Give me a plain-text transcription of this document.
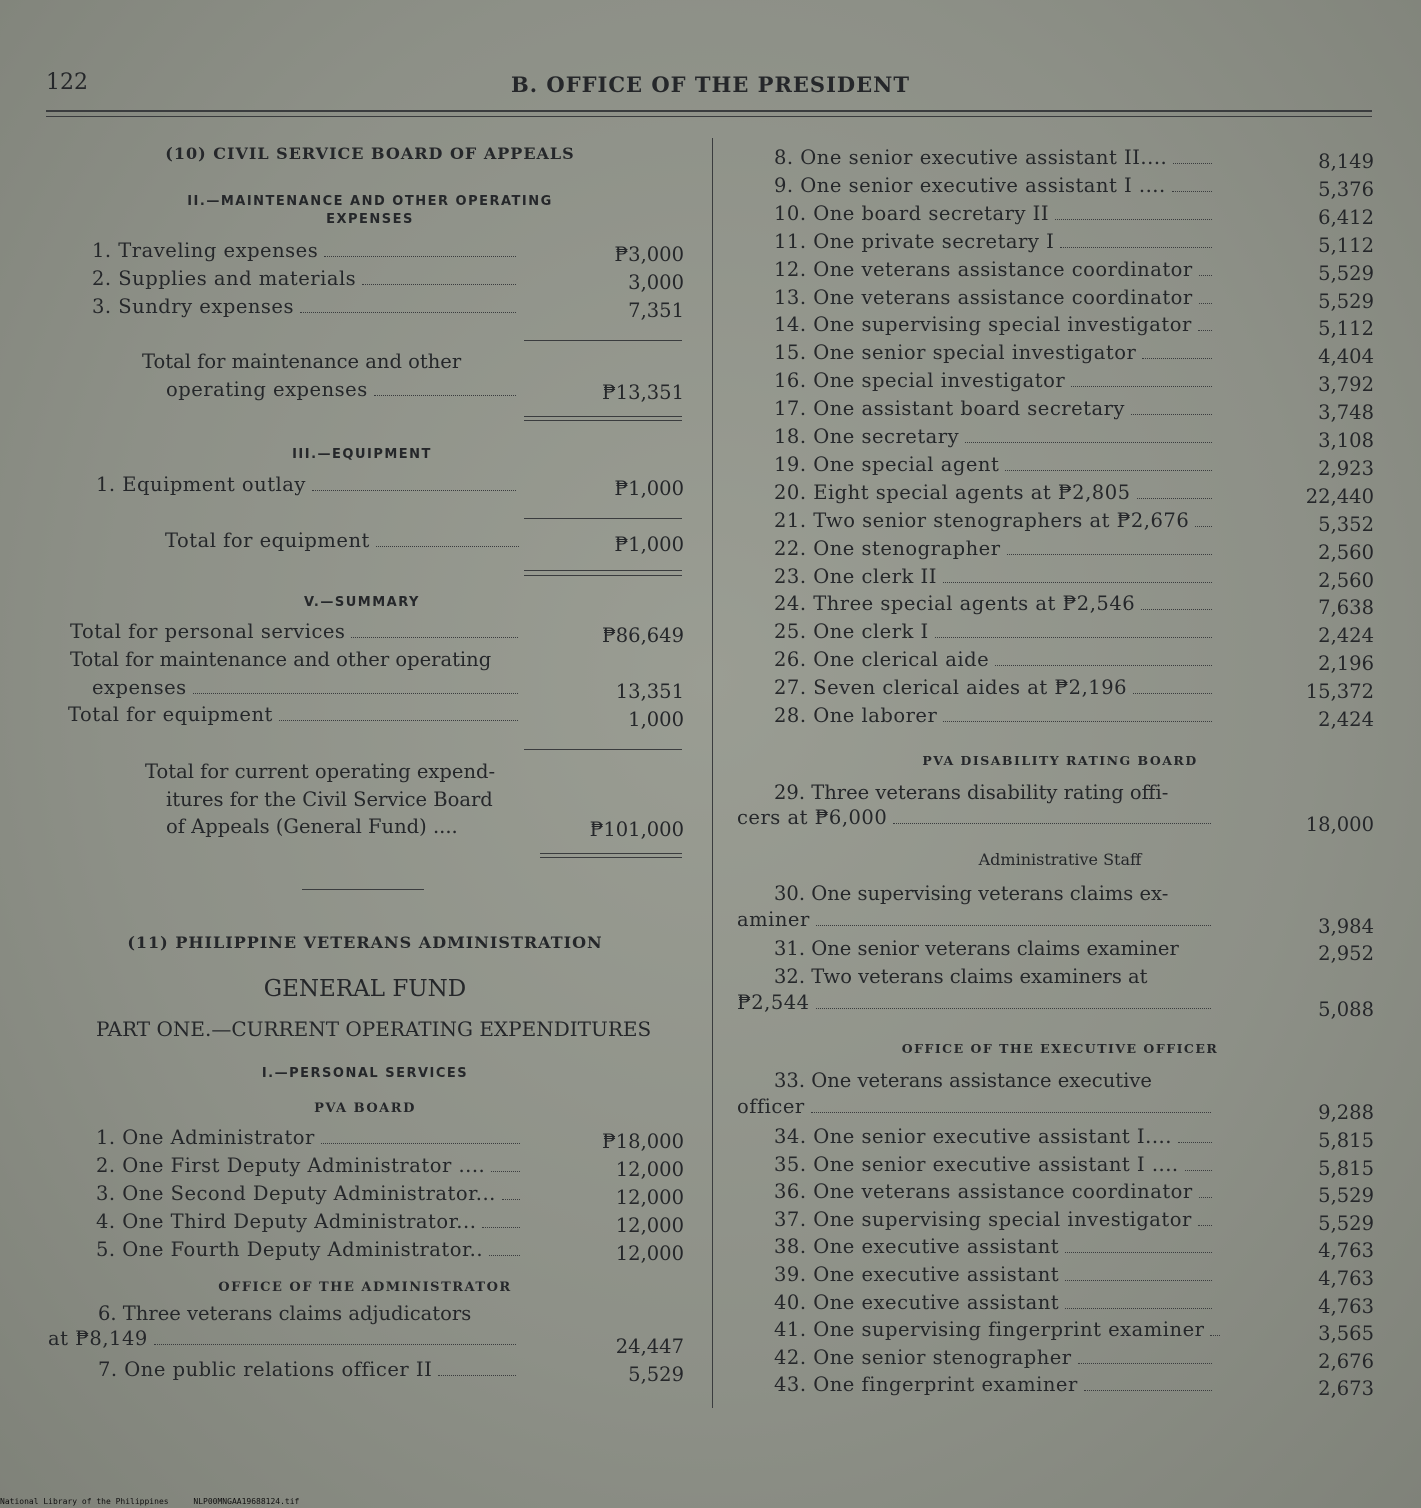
122	B. OFFICE OF THE PRESIDENT
(10) CIVIL SERVICE BOARD OF APPEALS
II.—MAINTENANCE AND OTHER OPERATING
EXPENSES
1. Traveling expenses	₱3,000
2. Supplies and materials	3,000
3. Sundry expenses	7,351
Total for maintenance and other
operating expenses	₱13,351
III.—EQUIPMENT
1. Equipment outlay	₱1,000
Total for equipment	₱1,000
V.—SUMMARY
Total for personal services	₱86,649
Total for maintenance and other operating
expenses	13,351
Total for equipment	1,000
Total for current operating expend-
itures for the Civil Service Board
of Appeals (General Fund) ....	₱101,000
(11) PHILIPPINE VETERANS ADMINISTRATION
GENERAL FUND
PART ONE.—CURRENT OPERATING EXPENDITURES
I.—PERSONAL SERVICES
PVA BOARD
1. One Administrator	₱18,000
2. One First Deputy Administrator ....	12,000
3. One Second Deputy Administrator...	12,000
4. One Third Deputy Administrator...	12,000
5. One Fourth Deputy Administrator..	12,000
OFFICE OF THE ADMINISTRATOR
6. Three veterans claims adjudicators
at ₱8,149	24,447
7. One public relations officer II	5,529
8. One senior executive assistant II....	8,149
9. One senior executive assistant I ....	5,376
10. One board secretary II	6,412
11. One private secretary I	5,112
12. One veterans assistance coordinator	5,529
13. One veterans assistance coordinator	5,529
14. One supervising special investigator	5,112
15. One senior special investigator	4,404
16. One special investigator	3,792
17. One assistant board secretary	3,748
18. One secretary	3,108
19. One special agent	2,923
20. Eight special agents at ₱2,805	22,440
21. Two senior stenographers at ₱2,676	5,352
22. One stenographer	2,560
23. One clerk II	2,560
24. Three special agents at ₱2,546	7,638
25. One clerk I	2,424
26. One clerical aide	2,196
27. Seven clerical aides at ₱2,196	15,372
28. One laborer	2,424
PVA DISABILITY RATING BOARD
29. Three veterans disability rating offi-
cers at ₱6,000	18,000
Administrative Staff
30. One supervising veterans claims ex-
aminer	3,984
31. One senior veterans claims examiner	2,952
32. Two veterans claims examiners at
₱2,544	5,088
OFFICE OF THE EXECUTIVE OFFICER
33. One veterans assistance executive
officer	9,288
34. One senior executive assistant I....	5,815
35. One senior executive assistant I ....	5,815
36. One veterans assistance coordinator	5,529
37. One supervising special investigator	5,529
38. One executive assistant	4,763
39. One executive assistant	4,763
40. One executive assistant	4,763
41. One supervising fingerprint examiner	3,565
42. One senior stenographer	2,676
43. One fingerprint examiner	2,673
National Library of the Philippines	NLP00MNGAA19688124.tif
